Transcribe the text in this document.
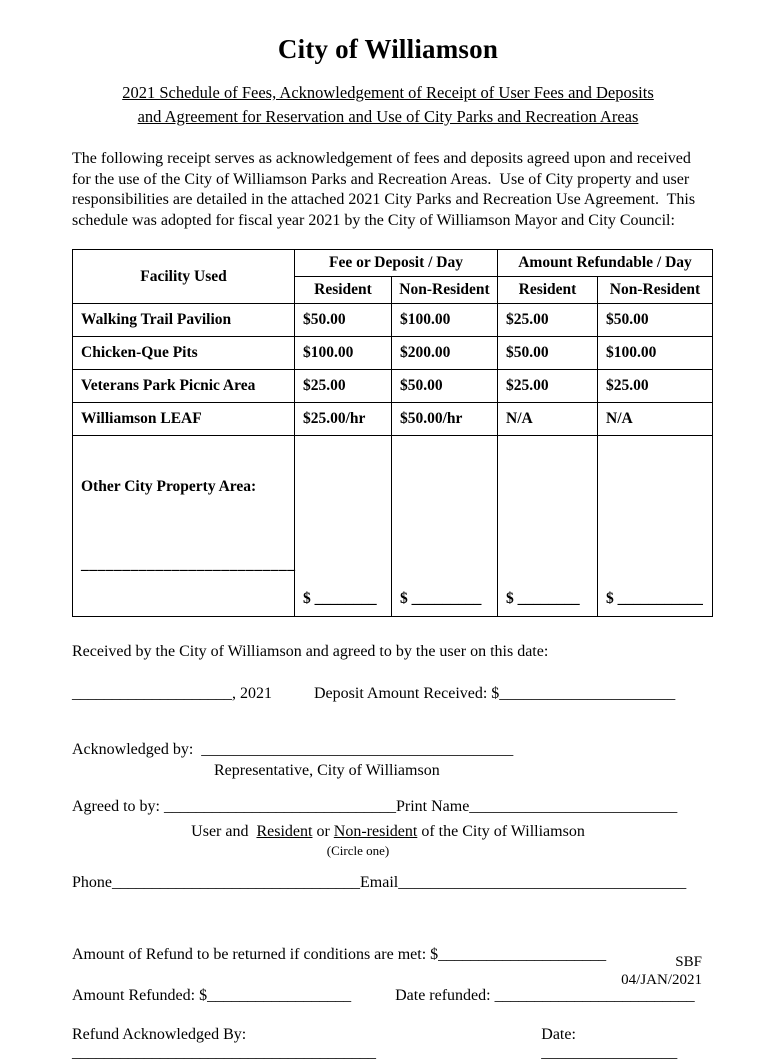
City of Williamson
2021 Schedule of Fees, Acknowledgement of Receipt of User Fees and Deposits
and Agreement for Reservation and Use of City Parks and Recreation Areas

The following receipt serves as acknowledgement of fees and deposits agreed upon and received for the use of the City of Williamson Parks and Recreation Areas.  Use of City property and user responsibilities are detailed in the attached 2021 City Parks and Recreation Use Agreement.  This schedule was adopted for fiscal year 2021 by the City of Williamson Mayor and City Council:

Facility Used	Fee or Deposit / Day		Amount Refundable / Day	
	Resident	Non-Resident	Resident	Non-Resident
Walking Trail Pavilion	$50.00	$100.00	$25.00	$50.00
Chicken-Que Pits	$100.00	$200.00	$50.00	$100.00
Veterans Park Picnic Area	$25.00	$50.00	$25.00	$25.00
Williamson LEAF	$25.00/hr	$50.00/hr	N/A	N/A

Other City Property Area:

__________________________	$ ________	$ _________	$ ________	$ ___________
Received by the City of Williamson and agreed to by the user on this date:
____________________, 2021	Deposit Amount Received: $______________________
Acknowledged by:  _______________________________________
Representative, City of Williamson
Agreed to by: _____________________________Print Name__________________________
User and  Resident or Non-resident of the City of Williamson
(Circle one)
Phone_______________________________Email____________________________________
Amount of Refund to be returned if conditions are met: $_____________________
Amount Refunded: $__________________	Date refunded: _________________________
Refund Acknowledged By: ______________________________________
Date: _________________
SBF
04/JAN/2021
